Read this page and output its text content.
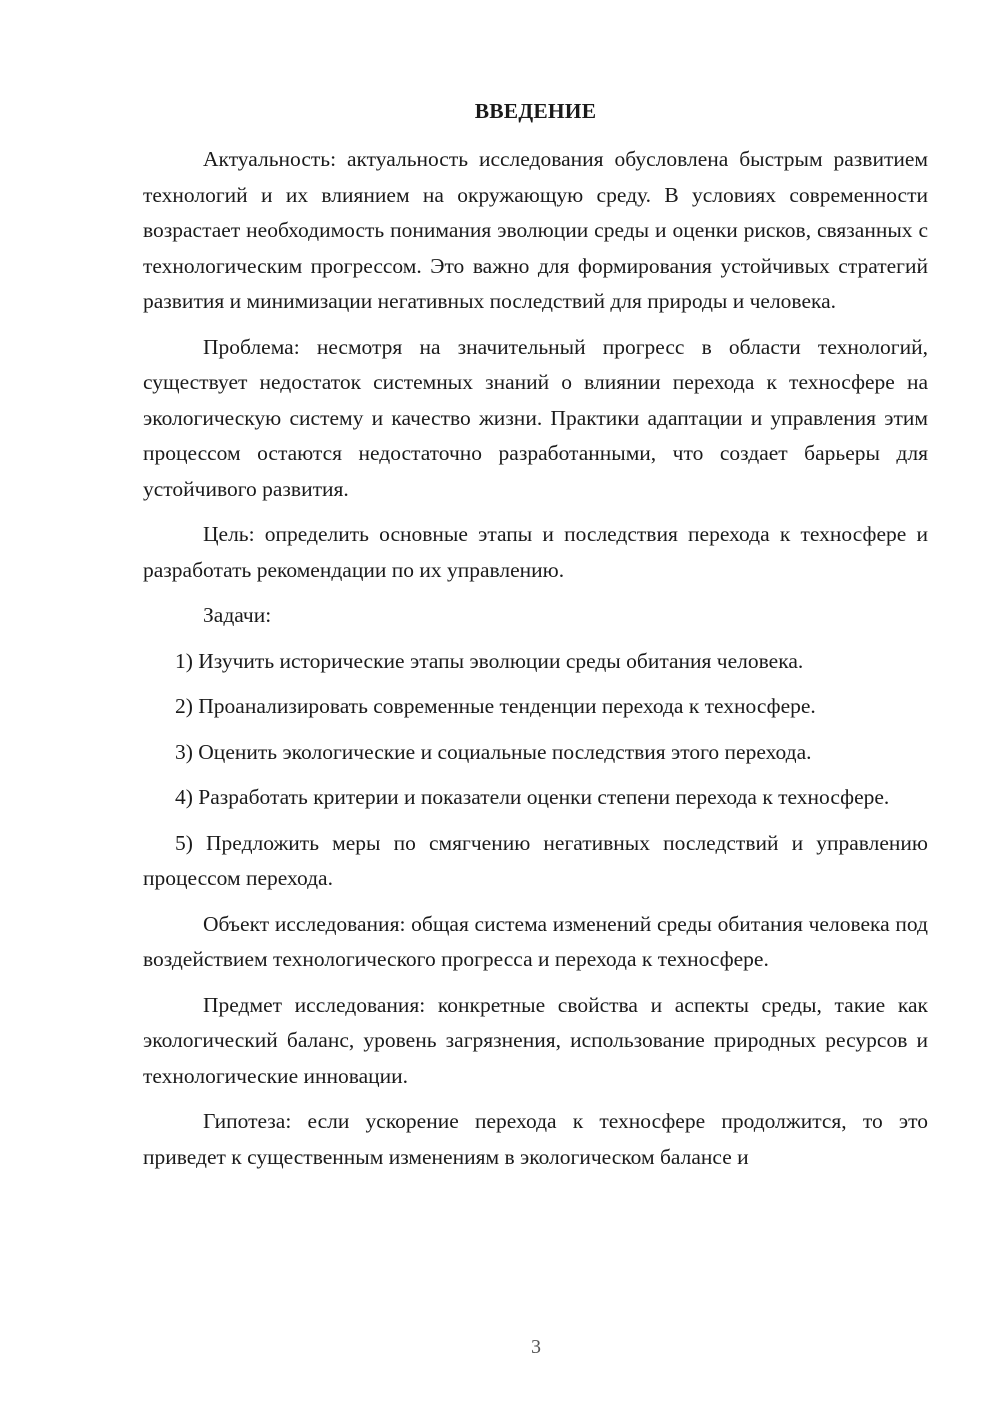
ВВЕДЕНИЕ

Актуальность: актуальность исследования обусловлена быстрым развитием технологий и их влиянием на окружающую среду. В условиях современности возрастает необходимость понимания эволюции среды и оценки рисков, связанных с технологическим прогрессом. Это важно для формирования устойчивых стратегий развития и минимизации негативных последствий для природы и человека.

Проблема: несмотря на значительный прогресс в области технологий, существует недостаток системных знаний о влиянии перехода к техносфере на экологическую систему и качество жизни. Практики адаптации и управления этим процессом остаются недостаточно разработанными, что создает барьеры для устойчивого развития.

Цель: определить основные этапы и последствия перехода к техносфере и разработать рекомендации по их управлению.

Задачи:

1) Изучить исторические этапы эволюции среды обитания человека.

2) Проанализировать современные тенденции перехода к техносфере.

3) Оценить экологические и социальные последствия этого перехода.

4) Разработать критерии и показатели оценки степени перехода к техносфере.

5) Предложить меры по смягчению негативных последствий и управлению процессом перехода.

Объект исследования: общая система изменений среды обитания человека под воздействием технологического прогресса и перехода к техносфере.

Предмет исследования: конкретные свойства и аспекты среды, такие как экологический баланс, уровень загрязнения, использование природных ресурсов и технологические инновации.

Гипотеза: если ускорение перехода к техносфере продолжится, то это приведет к существенным изменениям в экологическом балансе и

3
